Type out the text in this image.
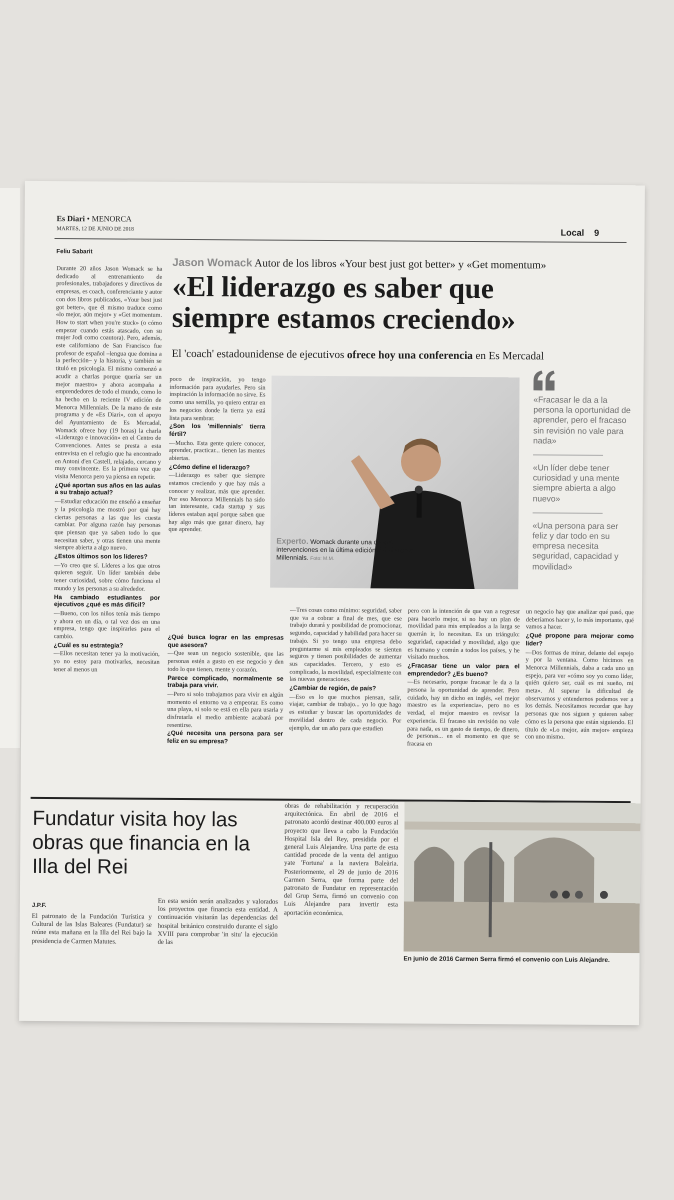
Es Diari • MENORCA
MARTES, 12 DE JUNIO DE 2018	Local 9
Feliu Sabarit
Jason Womack Autor de los libros «Your best just got better» y «Get momentum»
«El liderazgo es saber que
siempre estamos creciendo»
El 'coach' estadounidense de ejecutivos ofrece hoy una conferencia en Es Mercadal

Durante 20 años Jason Womack se ha dedicado al entrenamiento de profesionales, trabajadores y directivos de empresas, es coach, conferenciante y autor con dos libros publicados, «Your best just got better», que él mismo traduce como «lo mejor, aún mejor» y «Get momentum. How to start when you're stuck» (o cómo empezar cuando estás atascado, con su mujer Jodi como coautora). Pero, además, este californiano de San Francisco fue profesor de español –lengua que domina a la perfección– y la historia, y también se tituló en psicología. El mismo comenzó a acudir a charlas porque quería ser un mejor maestro» y ahora acompaña a emprendedores de todo el mundo, como lo ha hecho en la reciente IV edición de Menorca Millennials. De la mano de este programa y de «Es Diari», con el apoyo del Ayuntamiento de Es Mercadal, Womack ofrece hoy (19 horas) la charla «Liderazgo e innovación» en el Centro de Convenciones. Antes se presta a esta entrevista en el refugio que ha encontrado en Antoni d'en Castell, relajado, cercano y muy convincente. Es la primera vez que visita Menorca pero ya piensa en repetir.

¿Qué aportan sus años en las aulas a su trabajo actual?

—Estudiar educación me enseñó a enseñar y la psicología me mostró por qué hay ciertas personas a las que les cuesta cambiar. Por alguna razón hay personas que piensan que ya saben todo lo que necesitan saber, y otras tienen una mente siempre abierta a algo nuevo.

¿Estos últimos son los líderes?

—Yo creo que sí. Líderes a los que otros quieren seguir. Un líder también debe tener curiosidad, sobre cómo funciona el mundo y las personas a su alrededor.

Ha cambiado estudiantes por ejecutivos ¿qué es más difícil?

—Bueno, con los niños tenía más tiempo y ahora en un día, o tal vez dos en una empresa, tengo que inspirarles para el cambio.

¿Cuál es su estrategia?

—Ellos necesitan tener ya la motivación, yo no estoy para motivarles, necesitan tener al menos un

poco de inspiración, yo tengo información para ayudarles. Pero sin inspiración la información no sirve. Es como una semilla, yo quiero entrar en los negocios donde la tierra ya está lista para sembrar.

¿Son los 'millennials' tierra fértil?

—Mucho. Esta gente quiere conocer, aprender, practicar... tienen las mentes abiertas.

¿Cómo define el liderazgo?

—Liderazgo es saber que siempre estamos creciendo y que hay más a conocer y realizar, más que aprender. Por eso Menorca Millennials ha sido tan interesante, cada startup y sus líderes estaban aquí porque saben que hay algo más que ganar dinero, hay que aprender.

¿Qué busca lograr en las empresas que asesora?

—Que sean un negocio sostenible, que las personas estén a gusto en ese negocio y den todo lo que tienen, mente y corazón.

Parece complicado, normalmente se trabaja para vivir.

—Pero si solo trabajamos para vivir en algún momento el entorno va a empeorar. Es como una playa, si solo se está en ella para usarla y disfrutarla el medio ambiente acabará por resentirse.

¿Qué necesita una persona para ser feliz en su empresa?

—Tres cosas como mínimo: seguridad, saber que va a cobrar a final de mes, que ese trabajo durará y posibilidad de promocionar, segundo, capacidad y habilidad para hacer su trabajo. Si yo tengo una empresa debo preguntarme si mis empleados se sienten seguros y tienen posibilidades de aumentar sus capacidades. Tercero, y esto es complicado, la movilidad, especialmente con las nuevas generaciones.

¿Cambiar de región, de país?

—Eso es lo que muchos piensan, salir, viajar, cambiar de trabajo... yo lo que hago es estudiar y buscar las oportunidades de movilidad dentro de cada negocio. Por ejemplo, dar un año para que estudien

pero con la intención de que van a regresar para hacerlo mejor, si no hay un plan de movilidad para mis empleados a la larga se querrán ir, lo necesitan. Es un triángulo: seguridad, capacidad y movilidad, algo que es humano y común a todos los países, y he visitado muchos.

¿Fracasar tiene un valor para el emprendedor? ¿Es bueno?

—Es necesario, porque fracasar le da a la persona la oportunidad de aprender. Pero cuidado, hay un dicho en inglés, «el mejor maestro es la experiencia», pero no es verdad, el mejor maestro es revisar la experiencia. El fracaso sin revisión no vale para nada, es un gasto de tiempo, de dinero, de personas... en el momento en que se fracasa en

un negocio hay que analizar qué pasó, que deberíamos hacer y, lo más importante, qué vamos a hacer.

¿Qué propone para mejorar como líder?

—Dos formas de mirar, delante del espejo y por la ventana. Como hicimos en Menorca Millennials, daba a cada uno un espejo, para ver «cómo soy yo como líder, quién quiero ser, cuál es mi sueño, mi meta». Al superar la dificultad de observarnos y entendernos podemos ver a los demás. Necesitamos recordar que hay personas que nos siguen y quieren saber cómo es la persona que están siguiendo. El título de «Lo mejor, aún mejor» empieza con uno mismo.

Experto. Womack durante una de sus intervenciones en la última edición del Menorca Millennials. Foto: M.M.

«Fracasar le da a la persona la oportunidad de aprender, pero el fracaso sin revisión no vale para nada»

«Un líder debe tener curiosidad y una mente siempre abierta a algo nuevo»

«Una persona para ser feliz y dar todo en su empresa necesita seguridad, capacidad y movilidad»

Fundatur visita hoy las obras que financia en la Illa del Rei
J.P.F.

El patronato de la Fundación Turística y Cultural de las Islas Baleares (Fundatur) se reúne esta mañana en la Illa del Rei bajo la presidencia de Carmen Matutes.

En esta sesión serán analizados y valorados los proyectos que financia esta entidad. A continuación visitarán las dependencias del hospital británico construido durante el siglo XVIII para comprobar 'in situ' la ejecución de las

obras de rehabilitación y recuperación arquitectónica. En abril de 2016 el patronato acordó destinar 400.000 euros al proyecto que lleva a cabo la Fundación Hospital Isla del Rey, presidida por el general Luis Alejandre. Una parte de esta cantidad procede de la venta del antiguo yate 'Fortuna' a la naviera Baleària. Posteriormente, el 29 de junio de 2016 Carmen Serra, que forma parte del patronato de Fundatur en representación del Grup Serra, firmó un convenio con Luis Alejandre para invertir esta aportación económica.

En junio de 2016 Carmen Serra firmó el convenio con Luis Alejandre.
